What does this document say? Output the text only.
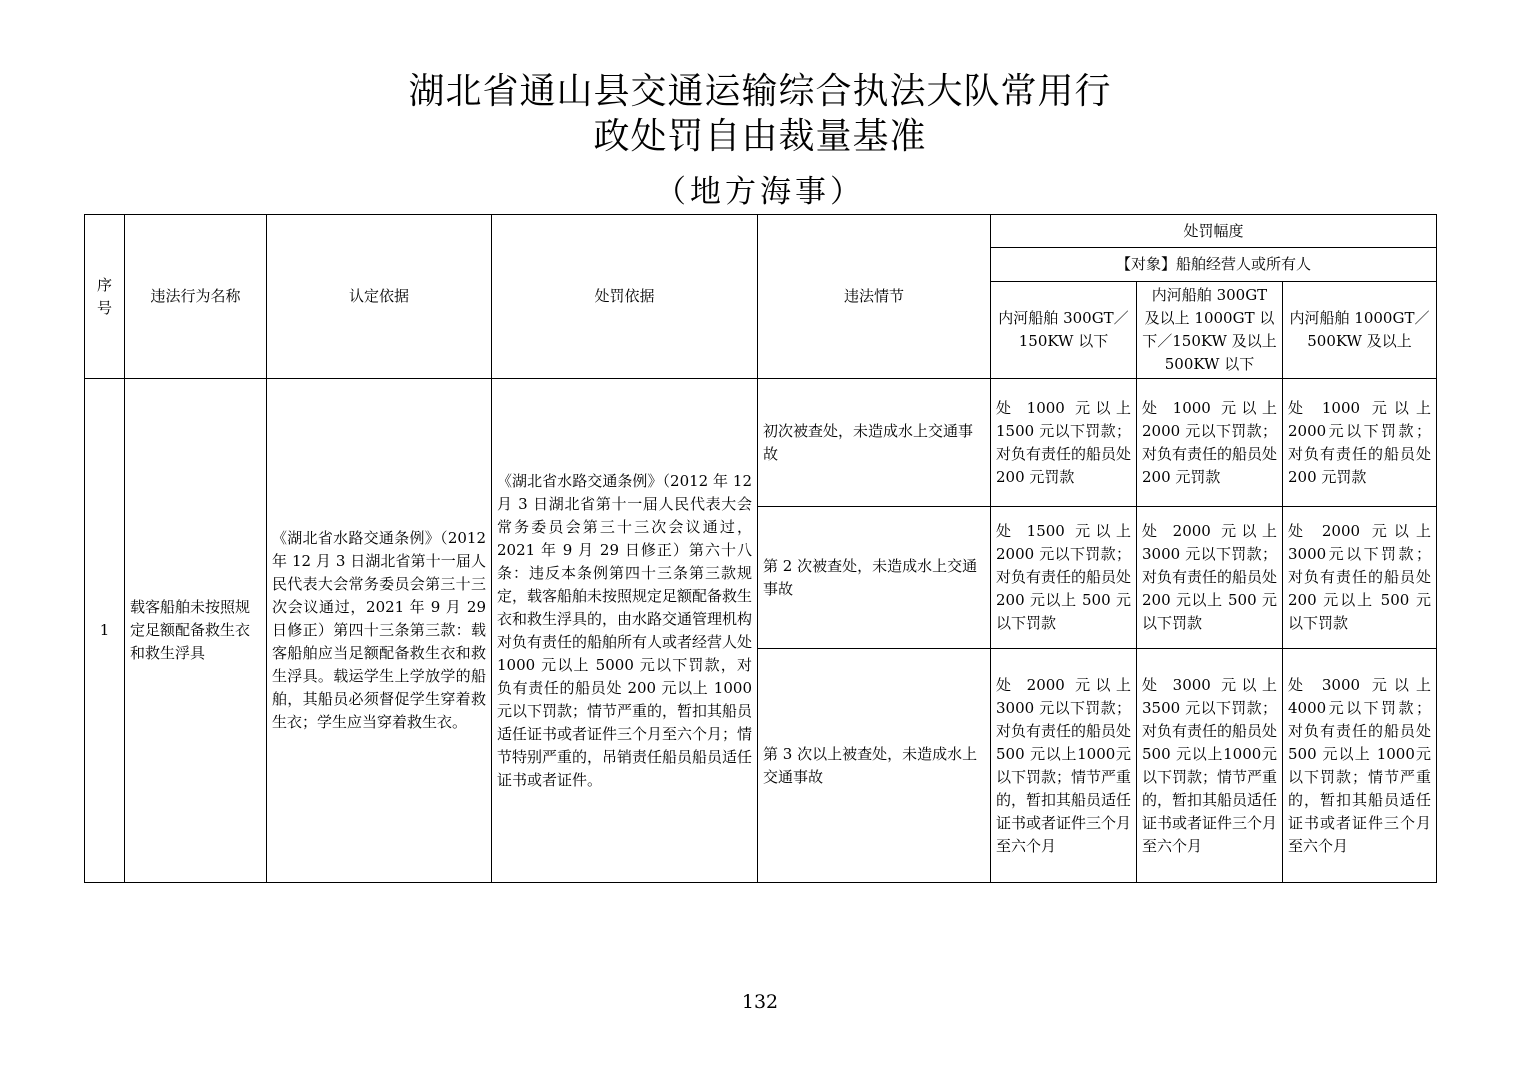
湖北省通山县交通运输综合执法大队常用行
政处罚自由裁量基准
（地方海事）
序号	违法行为名称	认定依据	处罚依据	违法情节	处罚幅度		
					【对象】船舶经营人或所有人		
					内河船舶 300GT／150KW 以下	内河船舶 300GT 及以上 1000GT 以下／150KW 及以上 500KW 以下	内河船舶 1000GT／500KW 及以上
1	载客船舶未按照规定足额配备救生衣和救生浮具	《湖北省水路交通条例》（2012 年 12 月 3 日湖北省第十一届人民代表大会常务委员会第三十三次会议通过，2021 年 9 月 29 日修正）第四十三条第三款：载客船舶应当足额配备救生衣和救生浮具。载运学生上学放学的船舶，其船员必须督促学生穿着救生衣；学生应当穿着救生衣。	《湖北省水路交通条例》（2012 年 12 月 3 日湖北省第十一届人民代表大会常务委员会第三十三次会议通过，2021 年 9 月 29 日修正）第六十八条：违反本条例第四十三条第三款规定，载客船舶未按照规定足额配备救生衣和救生浮具的，由水路交通管理机构对负有责任的船舶所有人或者经营人处 1000 元以上 5000 元以下罚款，对负有责任的船员处 200 元以上 1000 元以下罚款；情节严重的，暂扣其船员适任证书或者证件三个月至六个月；情节特别严重的，吊销责任船员船员适任证书或者证件。	初次被查处，未造成水上交通事故	处 1000 元以上 1500 元以下罚款；对负有责任的船员处 200 元罚款	处 1000 元以上 2000 元以下罚款；对负有责任的船员处 200 元罚款	处 1000 元以上 2000元以下罚款；对负有责任的船员处 200 元罚款
				第 2 次被查处，未造成水上交通事故	处 1500 元以上 2000 元以下罚款；对负有责任的船员处 200 元以上 500 元以下罚款	处 2000 元以上 3000 元以下罚款；对负有责任的船员处 200 元以上 500 元以下罚款	处 2000 元以上 3000元以下罚款；对负有责任的船员处 200 元以上 500 元以下罚款
				第 3 次以上被查处，未造成水上交通事故	处 2000 元以上 3000 元以下罚款；对负有责任的船员处 500 元以上1000元以下罚款；情节严重的，暂扣其船员适任证书或者证件三个月至六个月	处 3000 元以上 3500 元以下罚款；对负有责任的船员处 500 元以上1000元以下罚款；情节严重的，暂扣其船员适任证书或者证件三个月至六个月	处 3000 元以上 4000元以下罚款；对负有责任的船员处 500 元以上 1000元以下罚款；情节严重的，暂扣其船员适任证书或者证件三个月至六个月
132
